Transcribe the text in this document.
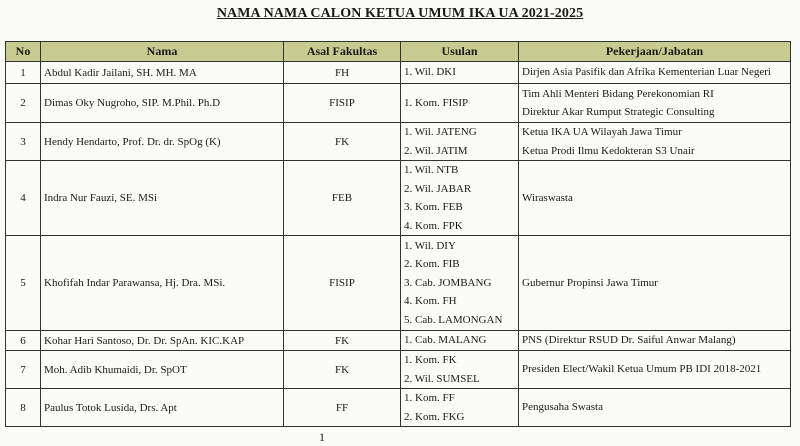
NAMA NAMA CALON KETUA UMUM IKA UA 2021-2025
No	Nama	Asal Fakultas	Usulan	Pekerjaan/Jabatan
1	Abdul Kadir Jailani, SH. MH. MA	FH	1. Wil. DKI	Dirjen Asia Pasifik dan Afrika Kementerian Luar Negeri

2	Dimas Oky Nugroho, SIP. M.Phil. Ph.D	FISIP	1. Kom. FISIP	Tim Ahli Menteri Bidang Perekonomian RI
Direktur Akar Rumput Strategic Consulting

3	Hendy Hendarto, Prof. Dr. dr. SpOg (K)	FK	1. Wil. JATENG
2. Wil. JATIM	Ketua IKA UA Wilayah Jawa Timur
Ketua Prodi Ilmu Kedokteran S3 Unair

4	Indra Nur Fauzi, SE. MSi	FEB	1. Wil. NTB
2. Wil. JABAR
3. Kom. FEB
4. Kom. FPK	Wiraswasta

5	Khofifah Indar Parawansa, Hj. Dra. MSi.	FISIP	1. Wil. DIY
2. Kom. FIB
3. Cab. JOMBANG
4. Kom. FH
5. Cab. LAMONGAN	Gubernur Propinsi Jawa Timur

6	Kohar Hari Santoso, Dr. Dr. SpAn. KIC.KAP	FK	1. Cab. MALANG	PNS (Direktur RSUD Dr. Saiful Anwar Malang)

7	Moh. Adib Khumaidi, Dr. SpOT	FK	1. Kom. FK
2. Wil. SUMSEL	Presiden Elect/Wakil Ketua Umum PB IDI 2018-2021

8	Paulus Totok Lusida, Drs. Apt	FF	1. Kom. FF
2. Kom. FKG	Pengusaha Swasta
1
